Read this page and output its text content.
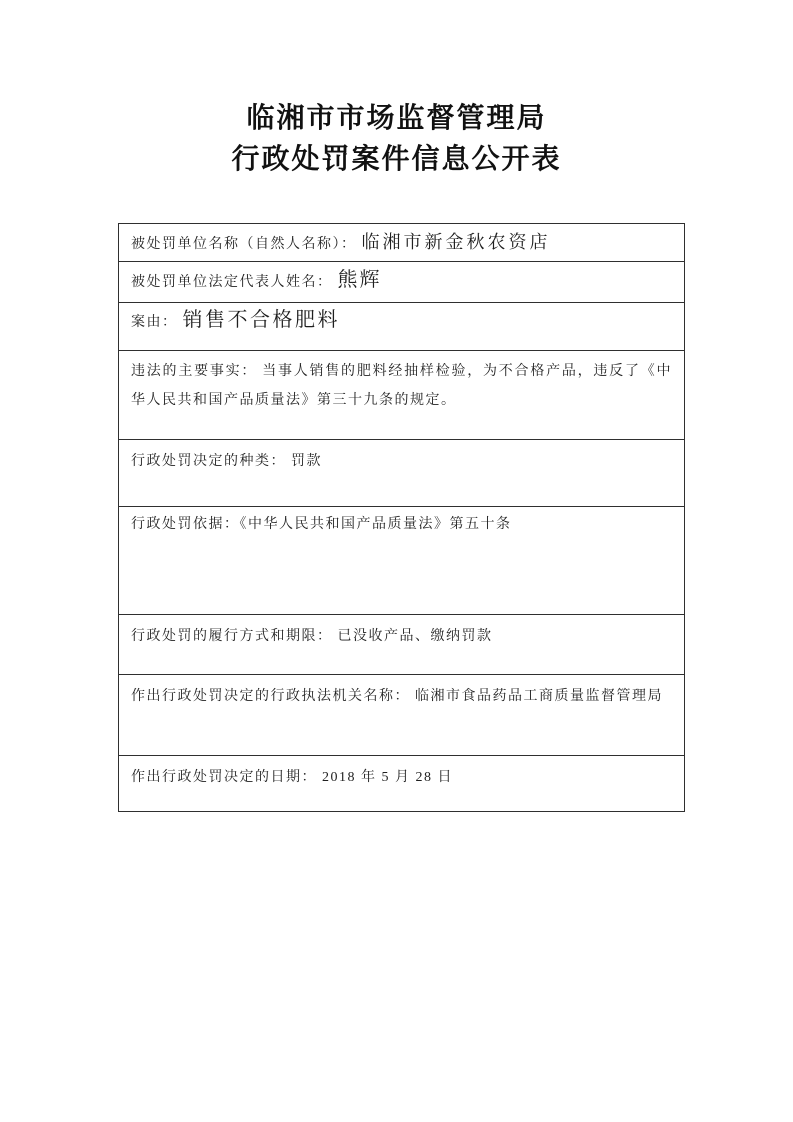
临湘市市场监督管理局
行政处罚案件信息公开表
被处罚单位名称（自然人名称）： 临湘市新金秋农资店
被处罚单位法定代表人姓名： 熊辉
案由： 销售不合格肥料
违法的主要事实： 当事人销售的肥料经抽样检验，为不合格产品，违反了《中华人民共和国产品质量法》第三十九条的规定。
行政处罚决定的种类： 罚款
行政处罚依据：《中华人民共和国产品质量法》第五十条
行政处罚的履行方式和期限： 已没收产品、缴纳罚款
作出行政处罚决定的行政执法机关名称： 临湘市食品药品工商质量监督管理局
作出行政处罚决定的日期： 2018 年 5 月 28 日
